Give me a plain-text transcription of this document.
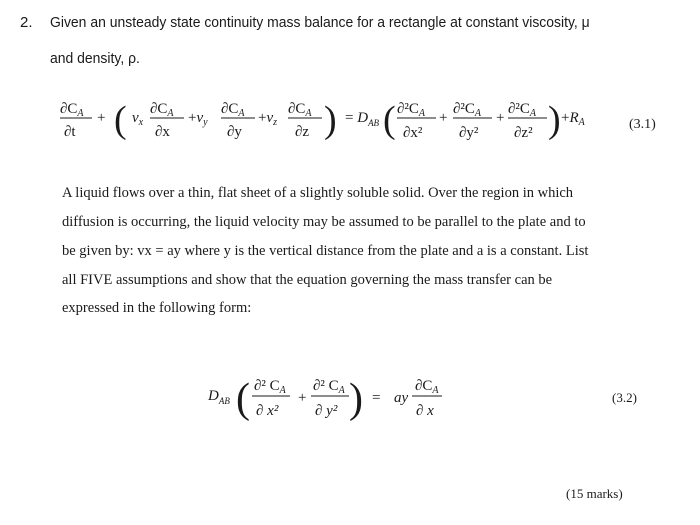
2. Given an unsteady state continuity mass balance for a rectangle at constant viscosity, μ
and density, ρ.
$\partial C_A$
∂t
+ ( $v_x$
$\partial C_A$
∂x
$+v_y$
$\partial C_A$
∂y
$+v_z$
$\partial C_A$
∂z ) = $D_{AB}$ ( $\partial^2C_A$
∂x²
+
$\partial^2C_A$
∂y²
+
$\partial^2C_A$
∂z² ) $+R_A$	(3.1)
A liquid flows over a thin, flat sheet of a slightly soluble solid. Over the region in which
diffusion is occurring, the liquid velocity may be assumed to be parallel to the plate and to
be given by: vx = ay where y is the vertical distance from the plate and a is a constant. List
all FIVE assumptions and show that the equation governing the mass transfer can be
expressed in the following form:
$D_{AB}$ ( ∂² $C_A$
∂ x²
+
∂² $C_A$
∂ y² ) = ay
$\partial C_A$
∂ x
(3.2)
(15 marks)
